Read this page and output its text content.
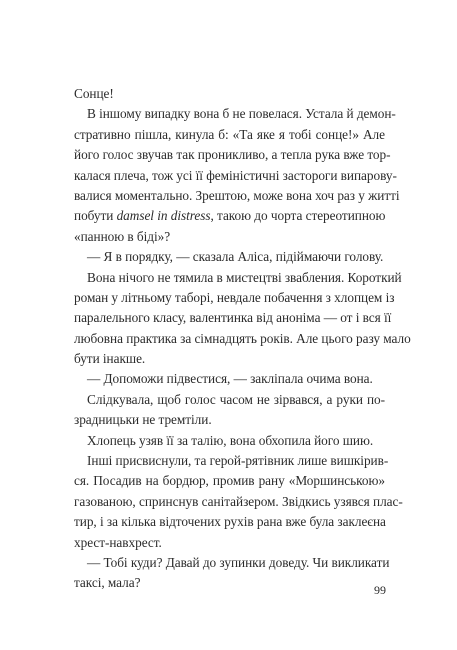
Сонце!
В іншому випадку вона б не повелася. Устала й демон-
стративно пішла, кинула б: «Та яке я тобі сонце!» Але
його голос звучав так проникливо, а тепла рука вже тор-
калася плеча, тож усі її феміністичні застороги випарову-
валися моментально. Зрештою, може вона хоч раз у житті
побути damsel in distress, такою до чорта стереотипною
«панною в біді»?
— Я в порядку, — сказала Аліса, підіймаючи голову.
Вона нічого не тямила в мистецтві звабления. Короткий
роман у літньому таборі, невдале побачення з хлопцем із
паралельного класу, валентинка від аноніма — от і вся її
любовна практика за сімнадцять років. Але цього разу мало
бути інакше.
— Допоможи підвестися, — закліпала очима вона.
Слідкувала, щоб голос часом не зірвався, а руки по-
зрадницьки не тремтіли.
Хлопець узяв її за талію, вона обхопила його шию.
Інші присвиснули, та герой-рятівник лише вишкірив-
ся. Посадив на бордюр, промив рану «Моршинською»
газованою, спринснув санітайзером. Звідкись узявся плас-
тир, і за кілька відточених рухів рана вже була заклеєна
хрест-навхрест.
— Тобі куди? Давай до зупинки доведу. Чи викликати
таксі, мала?	99
